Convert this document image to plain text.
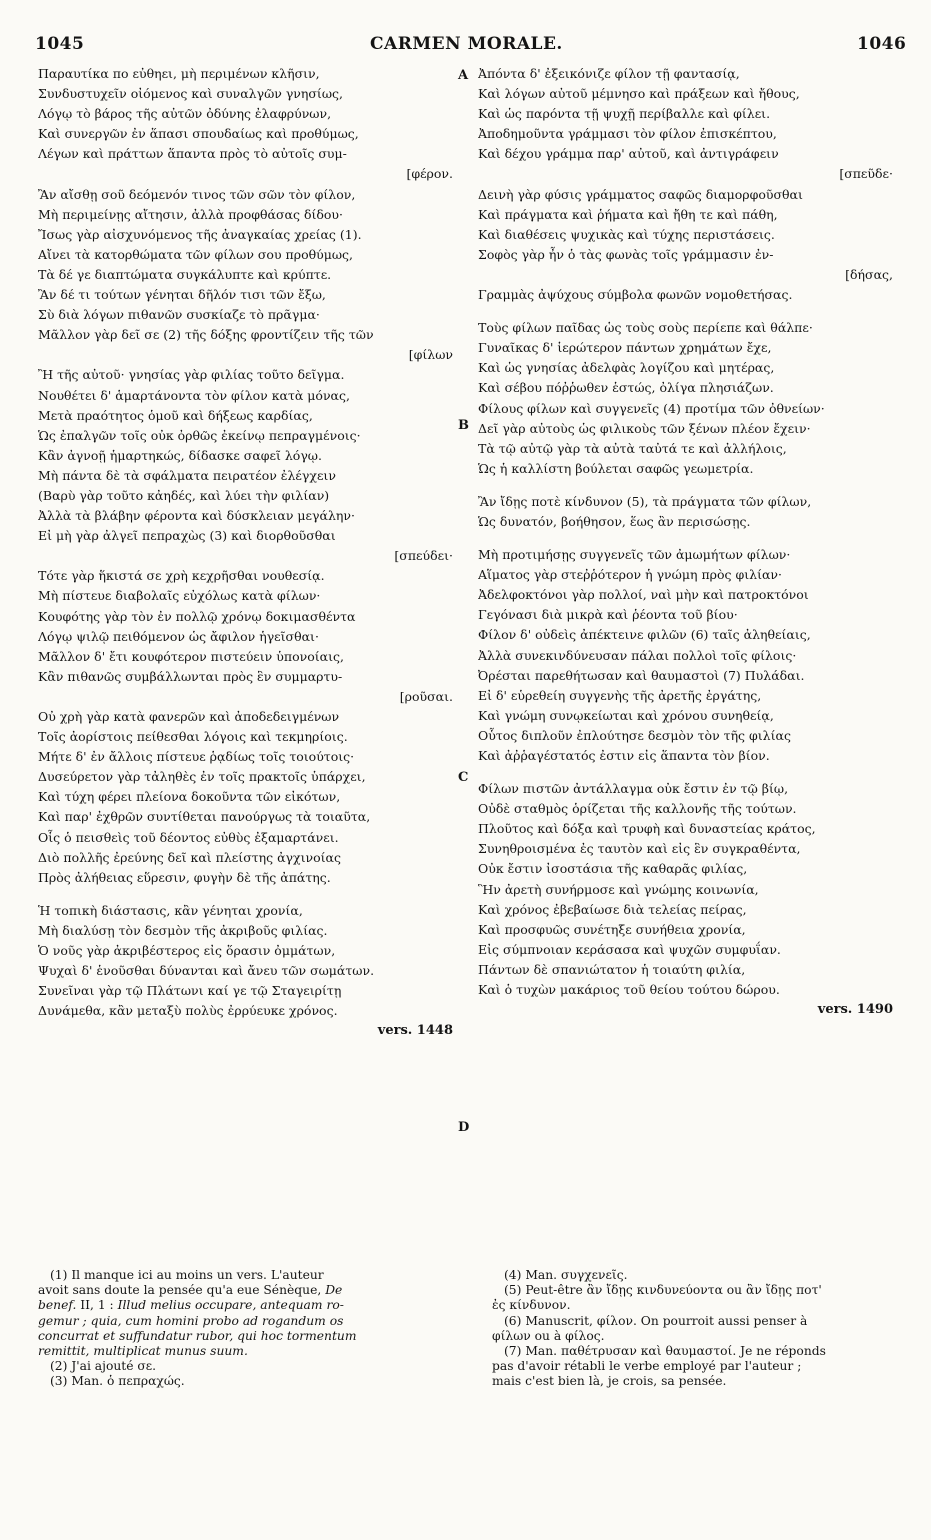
1045	CARMEN MORALE.	1046
A
B
C
D
Παραυτίκα πο εὐθηει, μὴ περιμένων κλῆσιν,
Συνδυστυχεῖν οἰόμενος καὶ συναλγῶν γνησίως,
Λόγῳ τὸ βάρος τῆς αὐτῶν ὀδύνης ἐλαφρύνων,
Καὶ συνεργῶν ἐν ἅπασι σπουδαίως καὶ προθύμως,
Λέγων καὶ πράττων ἅπαντα πρὸς τὸ αὐτοῖς συμ-
[φέρον.
Ἂν αἴσθῃ σοῦ δεόμενόν τινος τῶν σῶν τὸν φίλον,
Μὴ περιμείνῃς αἴτησιν, ἀλλὰ προφθάσας δίδου·
Ἴσως γὰρ αἰσχυνόμενος τῆς ἀναγκαίας χρείας (1).
Αἴνει τὰ κατορθώματα τῶν φίλων σου προθύμως,
Τὰ δέ γε διαπτώματα συγκάλυπτε καὶ κρύπτε.
Ἂν δέ τι τούτων γένηται δῆλόν τισι τῶν ἔξω,
Σὺ διὰ λόγων πιθανῶν συσκίαζε τὸ πρᾶγμα·
Μᾶλλον γὰρ δεῖ σε (2) τῆς δόξης φροντίζειν τῆς τῶν
[φίλων
Ἢ τῆς αὐτοῦ· γνησίας γὰρ φιλίας τοῦτο δεῖγμα.
Νουθέτει δ' ἁμαρτάνοντα τὸν φίλον κατὰ μόνας,
Μετὰ πραότητος ὁμοῦ καὶ δήξεως καρδίας,
Ὡς ἐπαλγῶν τοῖς οὐκ ὀρθῶς ἐκείνῳ πεπραγμένοις·
Κἂν ἀγνοῇ ἡμαρτηκώς, δίδασκε σαφεῖ λόγῳ.
Μὴ πάντα δὲ τὰ σφάλματα πειρατέον ἐλέγχειν
(Βαρὺ γὰρ τοῦτο κἀηδές, καὶ λύει τὴν φιλίαν)
Ἀλλὰ τὰ βλάβην φέροντα καὶ δύσκλειαν μεγάλην·
Εἰ μὴ γὰρ ἀλγεῖ πεπραχὼς (3) καὶ διορθοῦσθαι
[σπεύδει·
Τότε γὰρ ἥκιστά σε χρὴ κεχρῆσθαι νουθεσίᾳ.
Μὴ πίστευε διαβολαῖς εὐχόλως κατὰ φίλων·
Κουφότης γὰρ τὸν ἐν πολλῷ χρόνῳ δοκιμασθέντα
Λόγῳ ψιλῷ πειθόμενον ὡς ἄφιλον ἡγεῖσθαι·
Μᾶλλον δ' ἔτι κουφότερον πιστεύειν ὑπονοίαις,
Κἂν πιθανῶς συμβάλλωνται πρὸς ἓν συμμαρτυ-
[ροῦσαι.
Οὐ χρὴ γὰρ κατὰ φανερῶν καὶ ἀποδεδειγμένων
Τοῖς ἀορίστοις πείθεσθαι λόγοις καὶ τεκμηρίοις.
Μήτε δ' ἐν ἄλλοις πίστευε ῥᾳδίως τοῖς τοιούτοις·
Δυσεύρετον γὰρ τἀληθὲς ἐν τοῖς πρακτοῖς ὑπάρχει,
Καὶ τύχη φέρει πλείονα δοκοῦντα τῶν εἰκότων,
Καὶ παρ' ἐχθρῶν συντίθεται πανούργως τὰ τοιαῦτα,
Οἷς ὁ πεισθεὶς τοῦ δέοντος εὐθὺς ἐξαμαρτάνει.
Διὸ πολλῆς ἐρεύνης δεῖ καὶ πλείστης ἀγχινοίας
Πρὸς ἀλήθειας εὕρεσιν, φυγὴν δὲ τῆς ἀπάτης.
Ἡ τοπικὴ διάστασις, κἂν γένηται χρονία,
Μὴ διαλύσῃ τὸν δεσμὸν τῆς ἀκριβοῦς φιλίας.
Ὁ νοῦς γὰρ ἀκριβέστερος εἰς ὅρασιν ὀμμάτων,
Ψυχαὶ δ' ἑνοῦσθαι δύνανται καὶ ἄνευ τῶν σωμάτων.
Συνεῖναι γὰρ τῷ Πλάτωνι καί γε τῷ Σταγειρίτῃ
Δυνάμεθα, κἂν μεταξὺ πολὺς ἐρρύευκε χρόνος.
vers. 1448
Ἀπόντα δ' ἐξεικόνιζε φίλον τῇ φαντασίᾳ,
Καὶ λόγων αὐτοῦ μέμνησο καὶ πράξεων καὶ ἤθους,
Καὶ ὡς παρόντα τῇ ψυχῇ περίβαλλε καὶ φίλει.
Ἀποδημοῦντα γράμμασι τὸν φίλον ἐπισκέπτου,
Καὶ δέχου γράμμα παρ' αὐτοῦ, καὶ ἀντιγράφειν
[σπεῦδε·
Δεινὴ γὰρ φύσις γράμματος σαφῶς διαμορφοῦσθαι
Καὶ πράγματα καὶ ῥήματα καὶ ἤθη τε καὶ πάθη,
Καὶ διαθέσεις ψυχικὰς καὶ τύχης περιστάσεις.
Σοφὸς γὰρ ἦν ὁ τὰς φωνὰς τοῖς γράμμασιν ἐν-
[δήσας,
Γραμμὰς ἀψύχους σύμβολα φωνῶν νομοθετήσας.
Τοὺς φίλων παῖδας ὡς τοὺς σοὺς περίεπε καὶ θάλπε·
Γυναῖκας δ' ἱερώτερον πάντων χρημάτων ἔχε,
Καὶ ὡς γνησίας ἀδελφὰς λογίζου καὶ μητέρας,
Καὶ σέβου πόῤῥωθεν ἑστώς, ὀλίγα πλησιάζων.
Φίλους φίλων καὶ συγγενεῖς (4) προτίμα τῶν ὀθνείων·
Δεῖ γὰρ αὐτοὺς ὡς φιλικοὺς τῶν ξένων πλέον ἔχειν·
Τὰ τῷ αὐτῷ γὰρ τὰ αὐτὰ ταὐτά τε καὶ ἀλλήλοις,
Ὡς ἡ καλλίστη βούλεται σαφῶς γεωμετρία.
Ἂν ἴδῃς ποτὲ κίνδυνον (5), τὰ πράγματα τῶν φίλων,
Ὡς δυνατόν, βοήθησον, ἕως ἂν περισώσῃς.
Μὴ προτιμήσῃς συγγενεῖς τῶν ἀμωμήτων φίλων·
Αἵματος γὰρ στεῤῥότερον ἡ γνώμη πρὸς φιλίαν·
Ἀδελφοκτόνοι γὰρ πολλοί, ναὶ μὴν καὶ πατροκτόνοι
Γεγόνασι διὰ μικρὰ καὶ ῥέοντα τοῦ βίου·
Φίλον δ' οὐδεὶς ἀπέκτεινε φιλῶν (6) ταῖς ἀληθείαις,
Ἀλλὰ συνεκινδύνευσαν πάλαι πολλοὶ τοῖς φίλοις·
Ὀρέσται παρεθήτωσαν καὶ θαυμαστοὶ (7) Πυλάδαι.
Εἰ δ' εὑρεθείη συγγενὴς τῆς ἀρετῆς ἐργάτης,
Καὶ γνώμη συνῳκείωται καὶ χρόνου συνηθείᾳ,
Οὗτος διπλοῦν ἐπλούτησε δεσμὸν τὸν τῆς φιλίας
Καὶ ἀῤῥαγέστατός ἐστιν εἰς ἅπαντα τὸν βίον.
Φίλων πιστῶν ἀντάλλαγμα οὐκ ἔστιν ἐν τῷ βίῳ,
Οὐδὲ σταθμὸς ὁρίζεται τῆς καλλονῆς τῆς τούτων.
Πλοῦτος καὶ δόξα καὶ τρυφὴ καὶ δυναστείας κράτος,
Συνηθροισμένα ἐς ταυτὸν καὶ εἰς ἓν συγκραθέντα,
Οὐκ ἔστιν ἰσοστάσια τῆς καθαρᾶς φιλίας,
Ἣν ἀρετὴ συνήρμοσε καὶ γνώμης κοινωνία,
Καὶ χρόνος ἐβεβαίωσε διὰ τελείας πείρας,
Καὶ προσφυῶς συνέτηξε συνήθεια χρονία,
Εἰς σύμπνοιαν κεράσασα καὶ ψυχῶν συμφυΐαν.
Πάντων δὲ σπανιώτατον ἡ τοιαύτη φιλία,
Καὶ ὁ τυχὼν μακάριος τοῦ θείου τούτου δώρου.
vers. 1490
(1) Il manque ici au moins un vers. L'auteur
avoit sans doute la pensée qu'a eue Sénèque, De
benef. II, 1 : Illud melius occupare, antequam ro-
gemur ; quia, cum homini probo ad rogandum os
concurrat et suffundatur rubor, qui hoc tormentum
remittit, multiplicat munus suum.
(2) J'ai ajouté σε.
(3) Man. ὁ πεπραχώς.
(4) Man. συγχενεῖς.
(5) Peut-être ἂν ἴδῃς κινδυνεύοντα ou ἂν ἴδῃς ποτ'
ἐς κίνδυνον.
(6) Manuscrit, φίλον. On pourroit aussi penser à
φίλων ou à φίλος.
(7) Man. παθέτρυσαν καὶ θαυμαστοί. Je ne réponds
pas d'avoir rétabli le verbe employé par l'auteur ;
mais c'est bien là, je crois, sa pensée.
